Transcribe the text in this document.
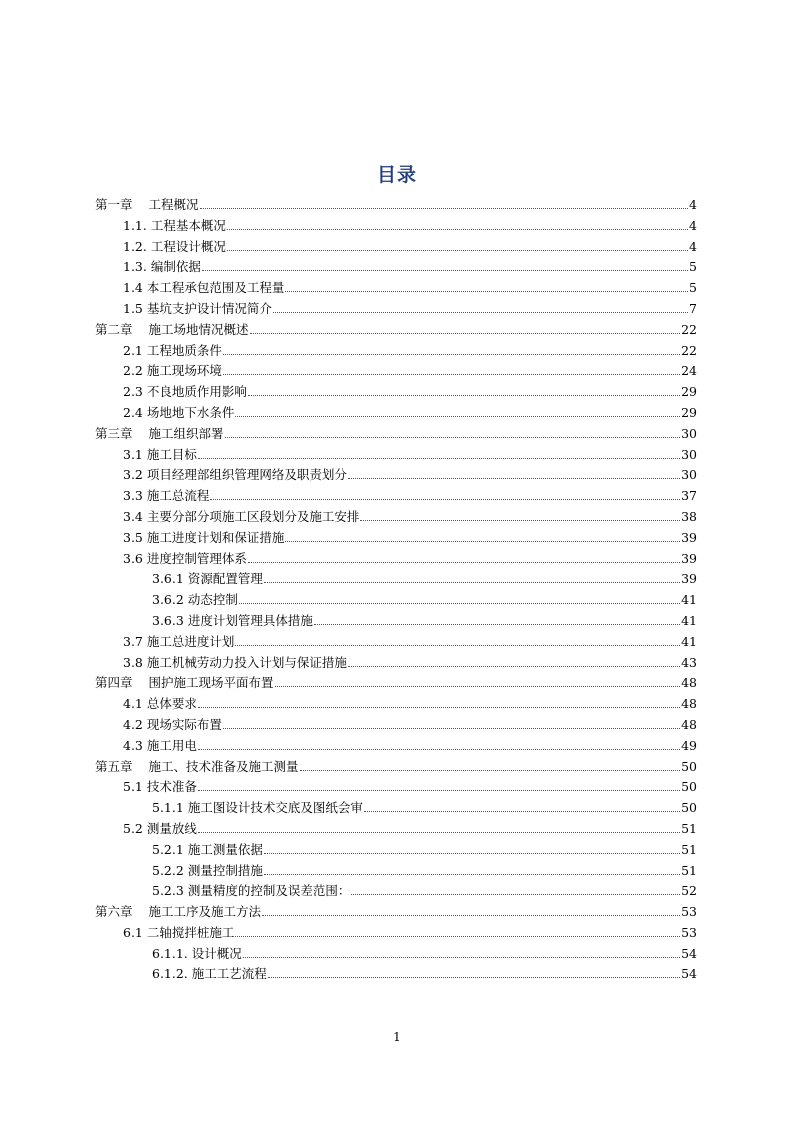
目录
第一章 工程概况	4
1.1. 工程基本概况	4
1.2. 工程设计概况	4
1.3. 编制依据	5
1.4 本工程承包范围及工程量	5
1.5 基坑支护设计情况简介	7
第二章 施工场地情况概述	22
2.1 工程地质条件	22
2.2 施工现场环境	24
2.3 不良地质作用影响	29
2.4 场地地下水条件	29
第三章 施工组织部署	30
3.1 施工目标	30
3.2 项目经理部组织管理网络及职责划分	30
3.3 施工总流程	37
3.4 主要分部分项施工区段划分及施工安排	38
3.5 施工进度计划和保证措施	39
3.6 进度控制管理体系	39
3.6.1 资源配置管理	39
3.6.2 动态控制	41
3.6.3 进度计划管理具体措施	41
3.7 施工总进度计划	41
3.8 施工机械劳动力投入计划与保证措施	43
第四章 围护施工现场平面布置	48
4.1 总体要求	48
4.2 现场实际布置	48
4.3 施工用电	49
第五章 施工、技术准备及施工测量	50
5.1 技术准备	50
5.1.1 施工图设计技术交底及图纸会审	50
5.2 测量放线	51
5.2.1 施工测量依据	51
5.2.2 测量控制措施	51
5.2.3 测量精度的控制及误差范围：	52
第六章 施工工序及施工方法	53
6.1 二轴搅拌桩施工	53
6.1.1. 设计概况	54
6.1.2. 施工工艺流程	54
1
